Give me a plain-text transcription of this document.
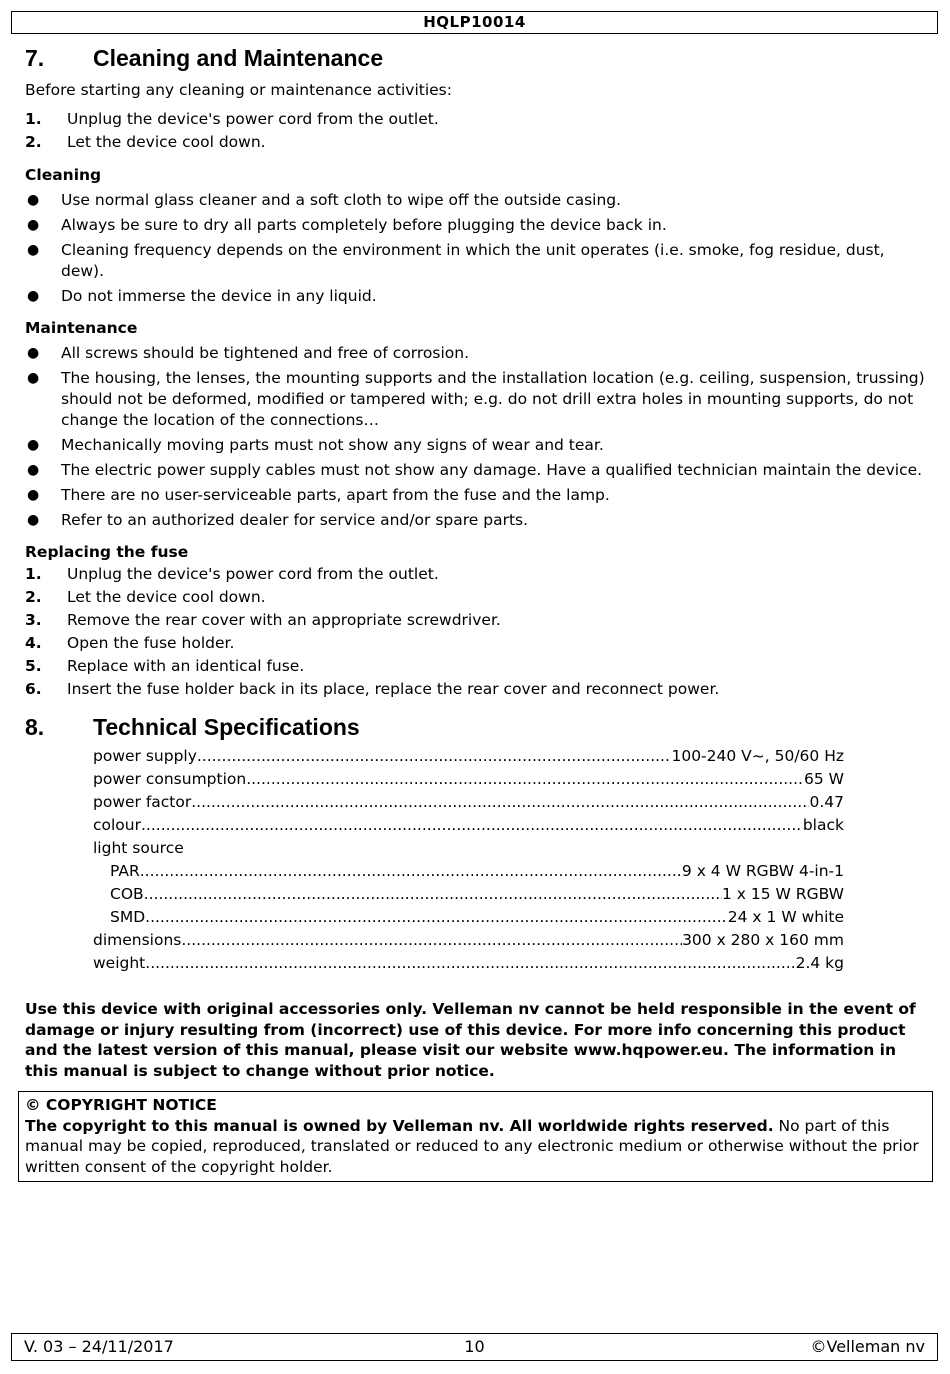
HQLP10014
7.	Cleaning and Maintenance

Before starting any cleaning or maintenance activities:

1.	Unplug the device's power cord from the outlet.
2.	Let the device cool down.
Cleaning
●	Use normal glass cleaner and a soft cloth to wipe off the outside casing.
●	Always be sure to dry all parts completely before plugging the device back in.
●	Cleaning frequency depends on the environment in which the unit operates (i.e. smoke, fog residue, dust, dew).
●	Do not immerse the device in any liquid.
Maintenance
●	All screws should be tightened and free of corrosion.
●	The housing, the lenses, the mounting supports and the installation location (e.g. ceiling, suspension, trussing) should not be deformed, modified or tampered with; e.g. do not drill extra holes in mounting supports, do not change the location of the connections…
●	Mechanically moving parts must not show any signs of wear and tear.
●	The electric power supply cables must not show any damage. Have a qualified technician maintain the device.
●	There are no user-serviceable parts, apart from the fuse and the lamp.
●	Refer to an authorized dealer for service and/or spare parts.
Replacing the fuse
1.	Unplug the device's power cord from the outlet.
2.	Let the device cool down.
3.	Remove the rear cover with an appropriate screwdriver.
4.	Open the fuse holder.
5.	Replace with an identical fuse.
6.	Insert the fuse holder back in its place, replace the rear cover and reconnect power.
8.	Technical Specifications
power supply .....	100-240 V~, 50/60 Hz
power consumption .....	65 W
power factor .....	0.47
colour .....	black
light source
PAR .....	9 x 4 W RGBW 4-in-1
COB .....	1 x 15 W RGBW
SMD .....	24 x 1 W white
dimensions .....	300 x 280 x 160 mm
weight .....	2.4 kg

Use this device with original accessories only. Velleman nv cannot be held responsible in the event of damage or injury resulting from (incorrect) use of this device. For more info concerning this product and the latest version of this manual, please visit our website www.hqpower.eu. The information in this manual is subject to change without prior notice.

© COPYRIGHT NOTICE
The copyright to this manual is owned by Velleman nv. All worldwide rights reserved. No part of this manual may be copied, reproduced, translated or reduced to any electronic medium or otherwise without the prior written consent of the copyright holder.
V. 03 – 24/11/2017	10	©Velleman nv
